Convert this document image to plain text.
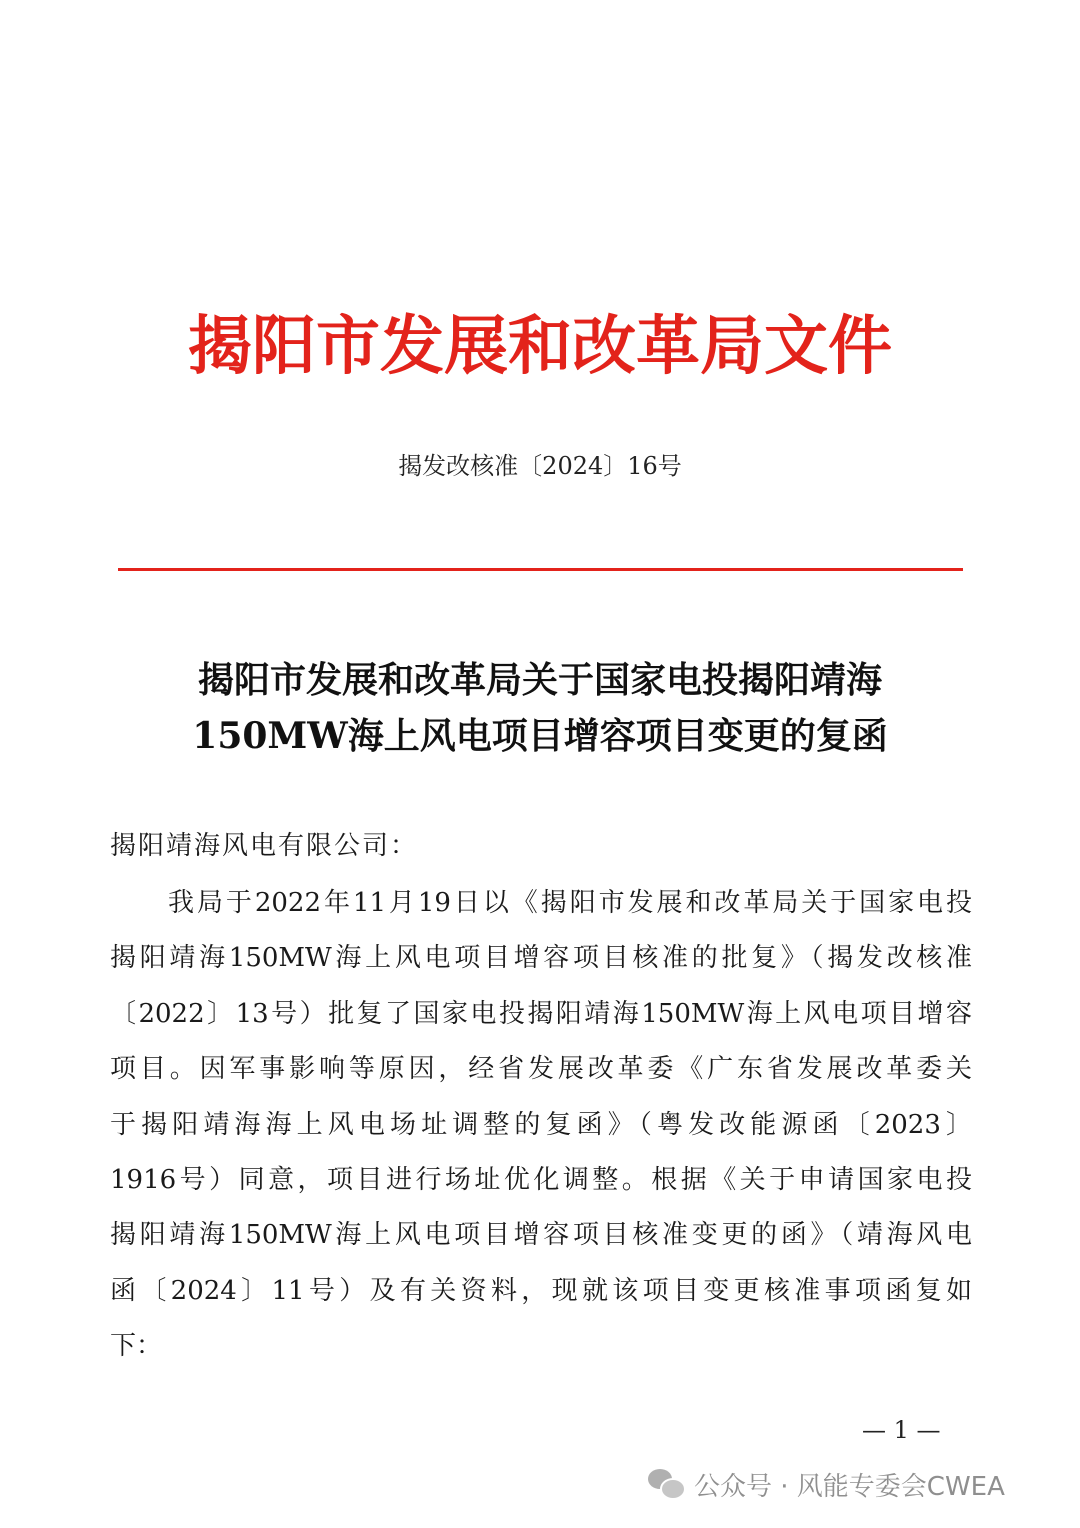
揭阳市发展和改革局文件
揭发改核准〔2024〕16号
揭阳市发展和改革局关于国家电投揭阳靖海
150MW海上风电项目增容项目变更的复函
揭阳靖海风电有限公司：
我局于2022年11月19日以《揭阳市发展和改革局关于国家电投
揭阳靖海150MW海上风电项目增容项目核准的批复》（揭发改核准
〔2022〕13号）批复了国家电投揭阳靖海150MW海上风电项目增容
项目。因军事影响等原因，经省发展改革委《广东省发展改革委关
于揭阳靖海海上风电场址调整的复函》（粤发改能源函〔2023〕
1916号）同意，项目进行场址优化调整。根据《关于申请国家电投
揭阳靖海150MW海上风电项目增容项目核准变更的函》（靖海风电
函〔2024〕11号）及有关资料，现就该项目变更核准事项函复如
下：
— 1 —
公众号 · 风能专委会CWEA
